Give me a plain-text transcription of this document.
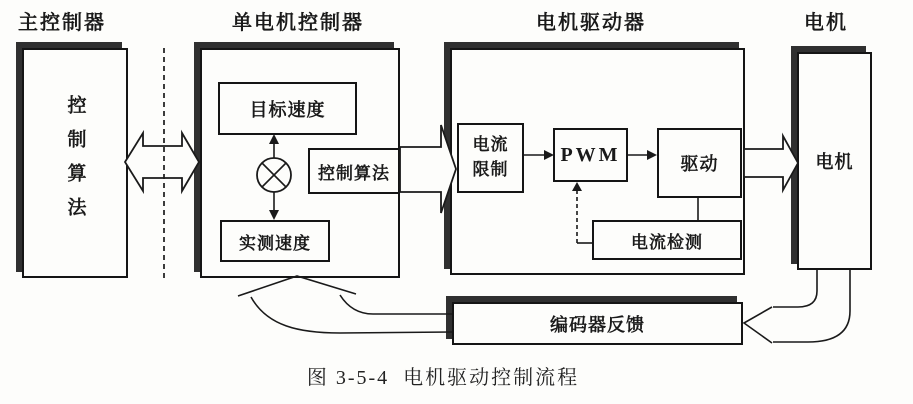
主控制器	单电机控制器	电机驱动器	电机
控制算法	目标速度
控制算法
实测速度
电流限制
PWM	驱动
电流检测
电机
编码器反馈
图 3-5-4  电机驱动控制流程
